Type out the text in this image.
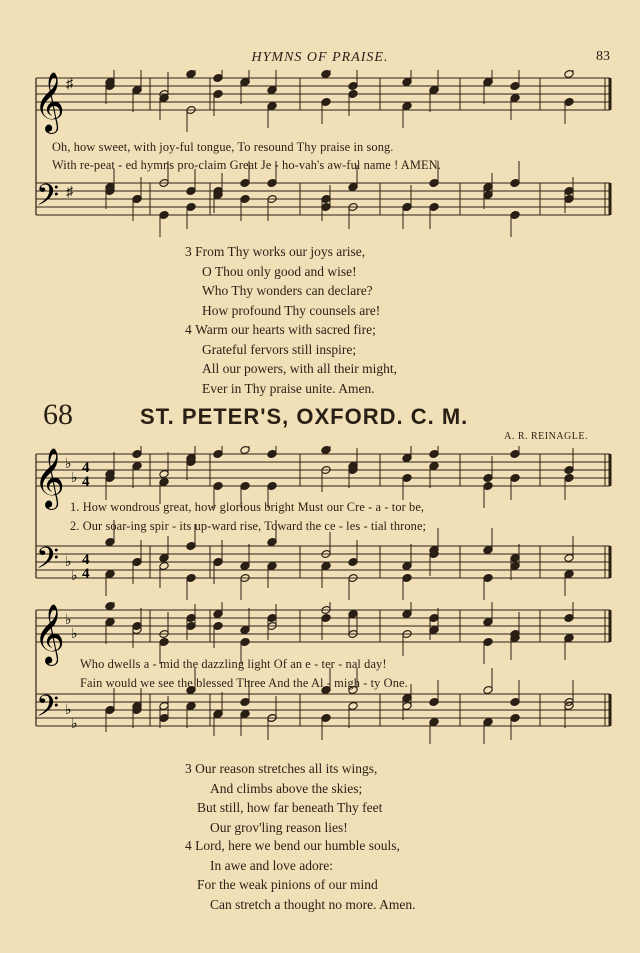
HYMNS OF PRAISE.	83
𝄞
𝄢
♯
♯
Oh, how sweet, with joy-ful tongue, To resound Thy praise in song.
With re-peat - ed hymns pro-claim Great Je - ho-vah's aw-ful name ! AMEN.
3 From Thy works our joys arise,
O Thou only good and wise!
Who Thy wonders can declare?
How profound Thy counsels are!
4 Warm our hearts with sacred fire;
Grateful fervors still inspire;
All our powers, with all their might,
Ever in Thy praise unite. Amen.
68	ST. PETER'S, OXFORD. C. M.
A. R. REINAGLE.
𝄞
𝄢
♭
♭
♭
♭
4
4
4
4
1. How wondrous great, how glorious bright Must our Cre - a - tor be,
2. Our soar-ing spir - its up-ward rise, Toward the ce - les - tial throne;
𝄞
𝄢
♭
♭
♭
♭
Who dwells a - mid the dazzling light Of an e - ter - nal day!
Fain would we see the blessed Three And the Al - migh - ty One.
3 Our reason stretches all its wings,
And climbs above the skies;
But still, how far beneath Thy feet
Our grov'ling reason lies!
4 Lord, here we bend our humble souls,
In awe and love adore:
For the weak pinions of our mind
Can stretch a thought no more. Amen.
